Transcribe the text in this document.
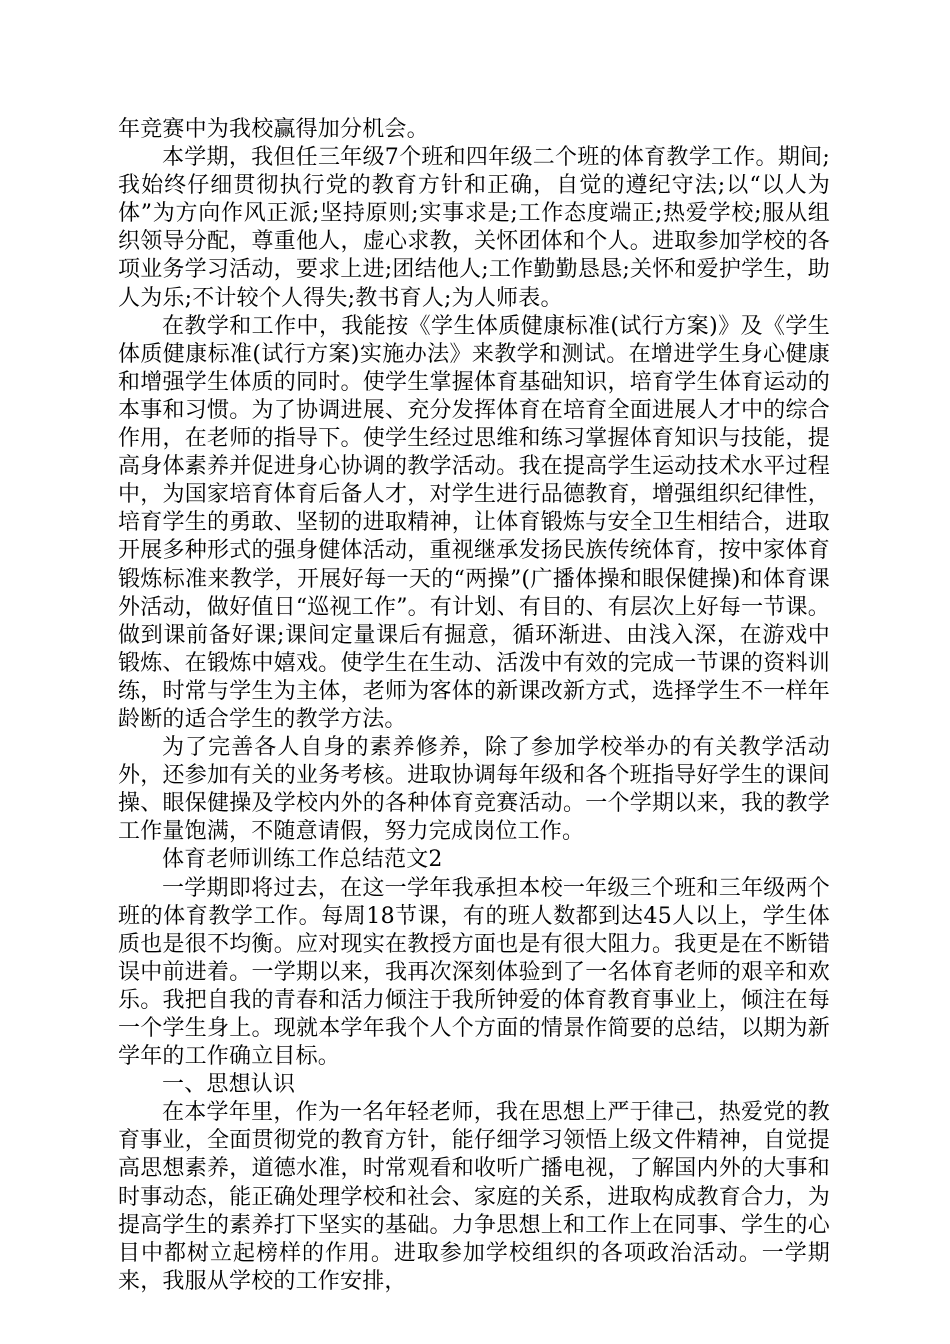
年竞赛中为我校赢得加分机会。

本学期，我但任三年级7个班和四年级二个班的体育教学工作。期间;我始终仔细贯彻执行党的教育方针和正确，自觉的遵纪守法;以“以人为体”为方向作风正派;坚持原则;实事求是;工作态度端正;热爱学校;服从组织领导分配，尊重他人，虚心求教，关怀团体和个人。进取参加学校的各项业务学习活动，要求上进;团结他人;工作勤勤恳恳;关怀和爱护学生，助人为乐;不计较个人得失;教书育人;为人师表。

在教学和工作中，我能按《学生体质健康标准(试行方案)》及《学生体质健康标准(试行方案)实施办法》来教学和测试。在增进学生身心健康和增强学生体质的同时。使学生掌握体育基础知识，培育学生体育运动的本事和习惯。为了协调进展、充分发挥体育在培育全面进展人才中的综合作用，在老师的指导下。使学生经过思维和练习掌握体育知识与技能，提高身体素养并促进身心协调的教学活动。我在提高学生运动技术水平过程中，为国家培育体育后备人才，对学生进行品德教育，增强组织纪律性，培育学生的勇敢、坚韧的进取精神，让体育锻炼与安全卫生相结合，进取开展多种形式的强身健体活动，重视继承发扬民族传统体育，按中家体育锻炼标准来教学，开展好每一天的“两操”(广播体操和眼保健操)和体育课外活动，做好值日“巡视工作”。有计划、有目的、有层次上好每一节课。做到课前备好课;课间定量课后有掘意，循环渐进、由浅入深，在游戏中锻炼、在锻炼中嬉戏。使学生在生动、活泼中有效的完成一节课的资料训练，时常与学生为主体，老师为客体的新课改新方式，选择学生不一样年龄断的适合学生的教学方法。

为了完善各人自身的素养修养，除了参加学校举办的有关教学活动外，还参加有关的业务考核。进取协调每年级和各个班指导好学生的课间操、眼保健操及学校内外的各种体育竞赛活动。一个学期以来，我的教学工作量饱满，不随意请假，努力完成岗位工作。

体育老师训练工作总结范文2

一学期即将过去，在这一学年我承担本校一年级三个班和三年级两个班的体育教学工作。每周18节课，有的班人数都到达45人以上，学生体质也是很不均衡。应对现实在教授方面也是有很大阻力。我更是在不断错误中前进着。一学期以来，我再次深刻体验到了一名体育老师的艰辛和欢乐。我把自我的青春和活力倾注于我所钟爱的体育教育事业上，倾注在每一个学生身上。现就本学年我个人个方面的情景作简要的总结，以期为新学年的工作确立目标。

一、思想认识

在本学年里，作为一名年轻老师，我在思想上严于律己，热爱党的教育事业，全面贯彻党的教育方针，能仔细学习领悟上级文件精神，自觉提高思想素养，道德水准，时常观看和收听广播电视，了解国内外的大事和时事动态，能正确处理学校和社会、家庭的关系，进取构成教育合力，为提高学生的素养打下坚实的基础。力争思想上和工作上在同事、学生的心目中都树立起榜样的作用。进取参加学校组织的各项政治活动。一学期来，我服从学校的工作安排，
